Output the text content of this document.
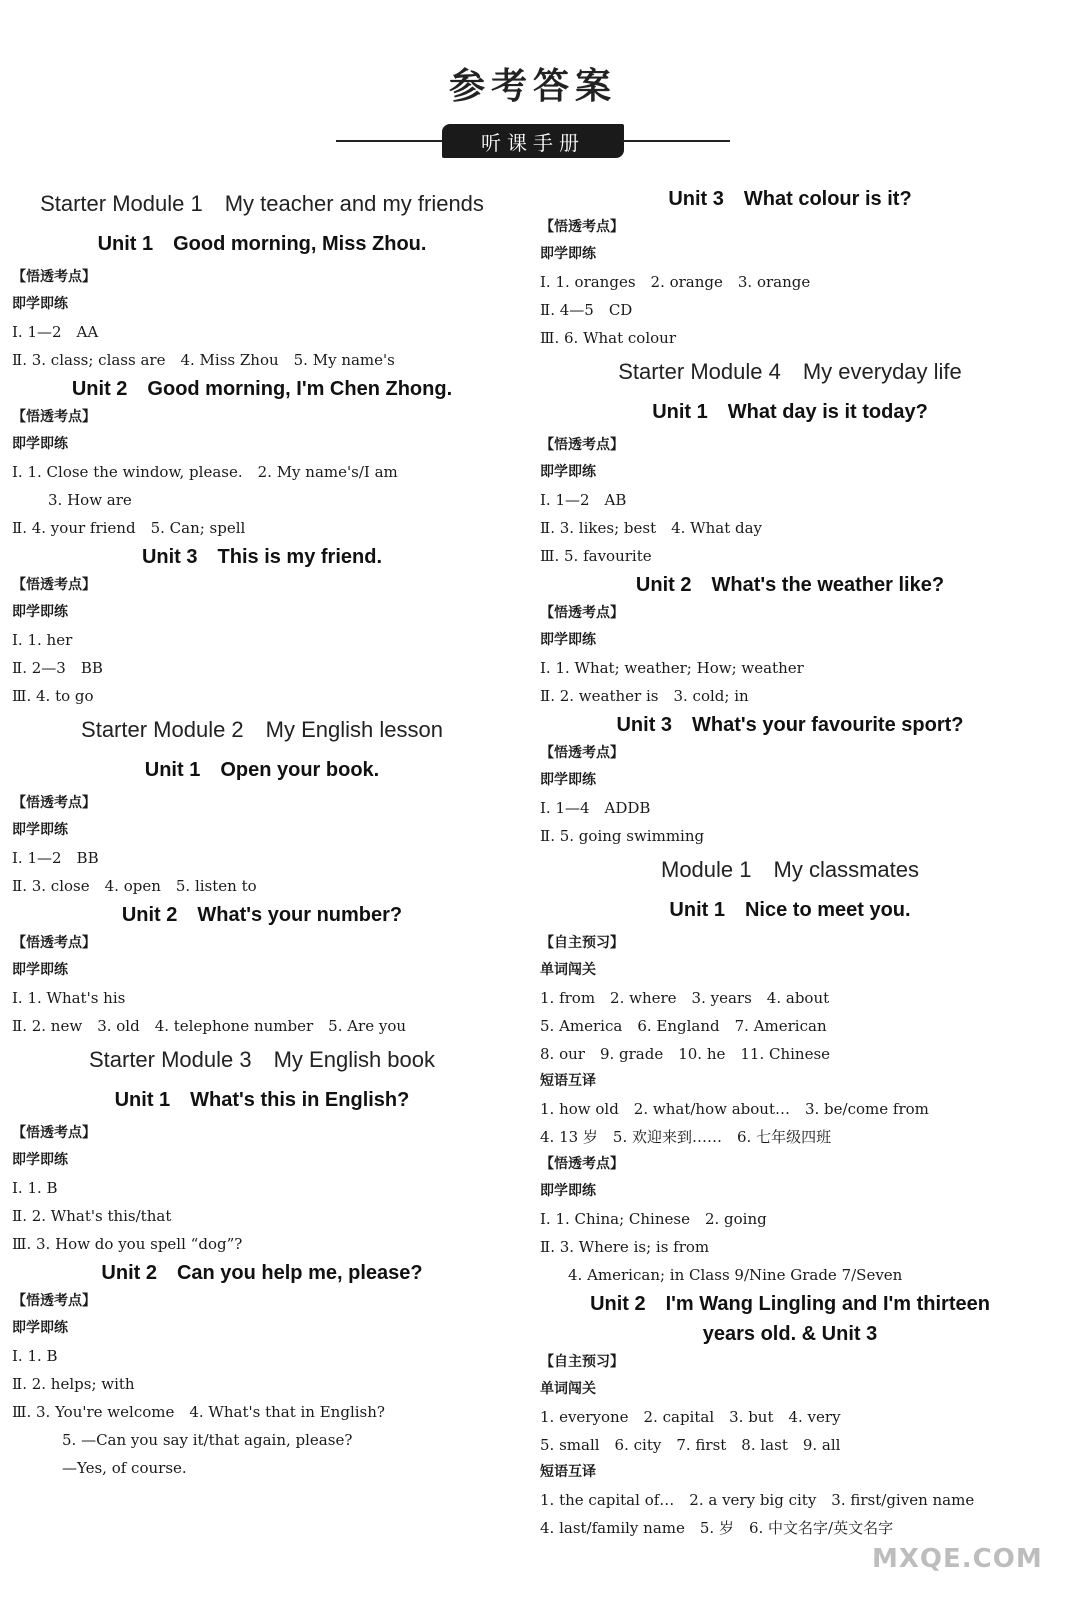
参考答案
听课手册
Starter Module 1　My teacher and my friends
Unit 1　Good morning, Miss Zhou.
【悟透考点】
即学即练
Ⅰ. 1—2　AA
Ⅱ. 3. class; class are　4. Miss Zhou　5. My name's
Unit 2　Good morning, I'm Chen Zhong.
【悟透考点】
即学即练
Ⅰ. 1. Close the window, please.　2. My name's/I am
3. How are
Ⅱ. 4. your friend　5. Can; spell
Unit 3　This is my friend.
【悟透考点】
即学即练
Ⅰ. 1. her
Ⅱ. 2—3　BB
Ⅲ. 4. to go
Starter Module 2　My English lesson
Unit 1　Open your book.
【悟透考点】
即学即练
Ⅰ. 1—2　BB
Ⅱ. 3. close　4. open　5. listen to
Unit 2　What's your number?
【悟透考点】
即学即练
Ⅰ. 1. What's his
Ⅱ. 2. new　3. old　4. telephone number　5. Are you
Starter Module 3　My English book
Unit 1　What's this in English?
【悟透考点】
即学即练
Ⅰ. 1. B
Ⅱ. 2. What's this/that
Ⅲ. 3. How do you spell “dog”?
Unit 2　Can you help me, please?
【悟透考点】
即学即练
Ⅰ. 1. B
Ⅱ. 2. helps; with
Ⅲ. 3. You're welcome　4. What's that in English?
5. —Can you say it/that again, please?
—Yes, of course.
Unit 3　What colour is it?
【悟透考点】
即学即练
Ⅰ. 1. oranges　2. orange　3. orange
Ⅱ. 4—5　CD
Ⅲ. 6. What colour
Starter Module 4　My everyday life
Unit 1　What day is it today?
【悟透考点】
即学即练
Ⅰ. 1—2　AB
Ⅱ. 3. likes; best　4. What day
Ⅲ. 5. favourite
Unit 2　What's the weather like?
【悟透考点】
即学即练
Ⅰ. 1. What; weather; How; weather
Ⅱ. 2. weather is　3. cold; in
Unit 3　What's your favourite sport?
【悟透考点】
即学即练
Ⅰ. 1—4　ADDB
Ⅱ. 5. going swimming
Module 1　My classmates
Unit 1　Nice to meet you.
【自主预习】
单词闯关
1. from　2. where　3. years　4. about
5. America　6. England　7. American
8. our　9. grade　10. he　11. Chinese
短语互译
1. how old　2. what/how about…　3. be/come from
4. 13 岁　5. 欢迎来到……　6. 七年级四班
【悟透考点】
即学即练
Ⅰ. 1. China; Chinese　2. going
Ⅱ. 3. Where is; is from
4. American; in Class 9/Nine Grade 7/Seven
Unit 2　I'm Wang Lingling and I'm thirteen
years old. & Unit 3
【自主预习】
单词闯关
1. everyone　2. capital　3. but　4. very
5. small　6. city　7. first　8. last　9. all
短语互译
1. the capital of…　2. a very big city　3. first/given name
4. last/family name　5. 岁　6. 中文名字/英文名字
MXQE.COM
